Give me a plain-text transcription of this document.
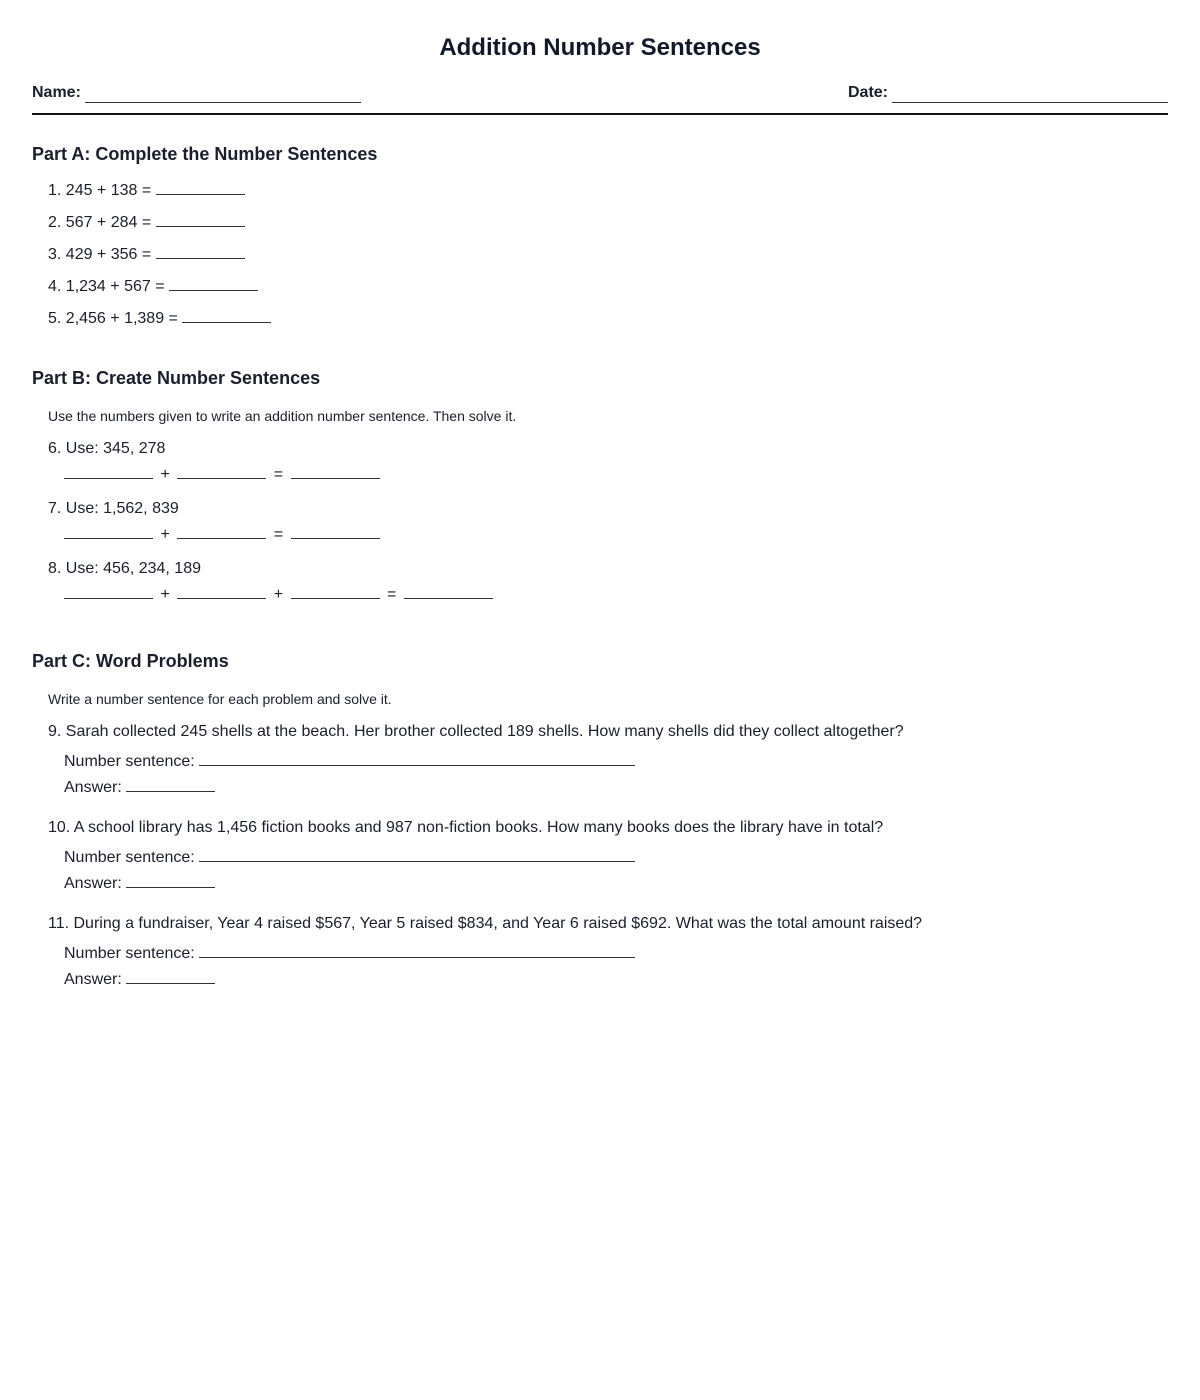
Addition Number Sentences
Name:	Date:
Part A: Complete the Number Sentences
1. 245 + 138 =
2. 567 + 284 =
3. 429 + 356 =
4. 1,234 + 567 =
5. 2,456 + 1,389 =
Part B: Create Number Sentences
Use the numbers given to write an addition number sentence. Then solve it.
6. Use: 345, 278
+	=
7. Use: 1,562, 839
+	=
8. Use: 456, 234, 189
+	+	=
Part C: Word Problems
Write a number sentence for each problem and solve it.
9. Sarah collected 245 shells at the beach. Her brother collected 189 shells. How many shells did they collect altogether?
Number sentence:
Answer:
10. A school library has 1,456 fiction books and 987 non-fiction books. How many books does the library have in total?
Number sentence:
Answer:
11. During a fundraiser, Year 4 raised $567, Year 5 raised $834, and Year 6 raised $692. What was the total amount raised?
Number sentence:
Answer:
